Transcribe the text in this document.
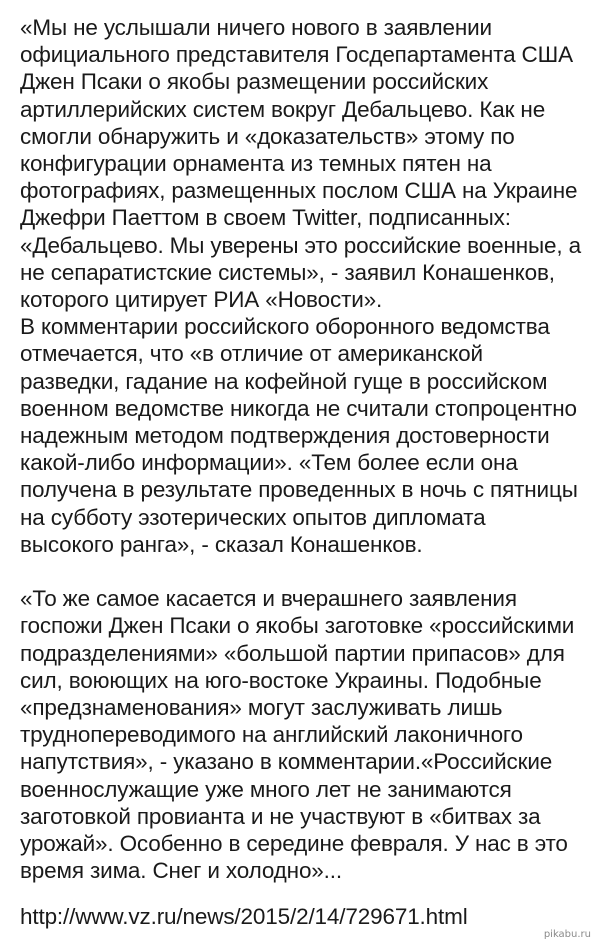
«Мы не услышали ничего нового в заявлении
официального представителя Госдепартамента США
Джен Псаки о якобы размещении российских
артиллерийских систем вокруг Дебальцево. Как не
смогли обнаружить и «доказательств» этому по
конфигурации орнамента из темных пятен на
фотографиях, размещенных послом США на Украине
Джефри Паеттом в своем Twitter, подписанных:
«Дебальцево. Мы уверены это российские военные, а
не сепаратистские системы», - заявил Конашенков,
которого цитирует РИА «Новости».
В комментарии российского оборонного ведомства
отмечается, что «в отличие от американской
разведки, гадание на кофейной гуще в российском
военном ведомстве никогда не считали стопроцентно
надежным методом подтверждения достоверности
какой-либо информации». «Тем более если она
получена в результате проведенных в ночь с пятницы
на субботу эзотерических опытов дипломата
высокого ранга», - сказал Конашенков.
«То же самое касается и вчерашнего заявления
госпожи Джен Псаки о якобы заготовке «российскими
подразделениями» «большой партии припасов» для
сил, воюющих на юго-востоке Украины. Подобные
«предзнаменования» могут заслуживать лишь
трудно​переводимого на английский лаконичного
напутствия», - указано в комментарии.«Российские
военнослужащие уже много лет не занимаются
заготовкой провианта и не участвуют в «битвах за
урожай». Особенно в середине февраля. У нас в это
время зима. Снег и холодно»...
http://www.vz.ru/news/2015/2/14/729671.html
pikabu.ru
